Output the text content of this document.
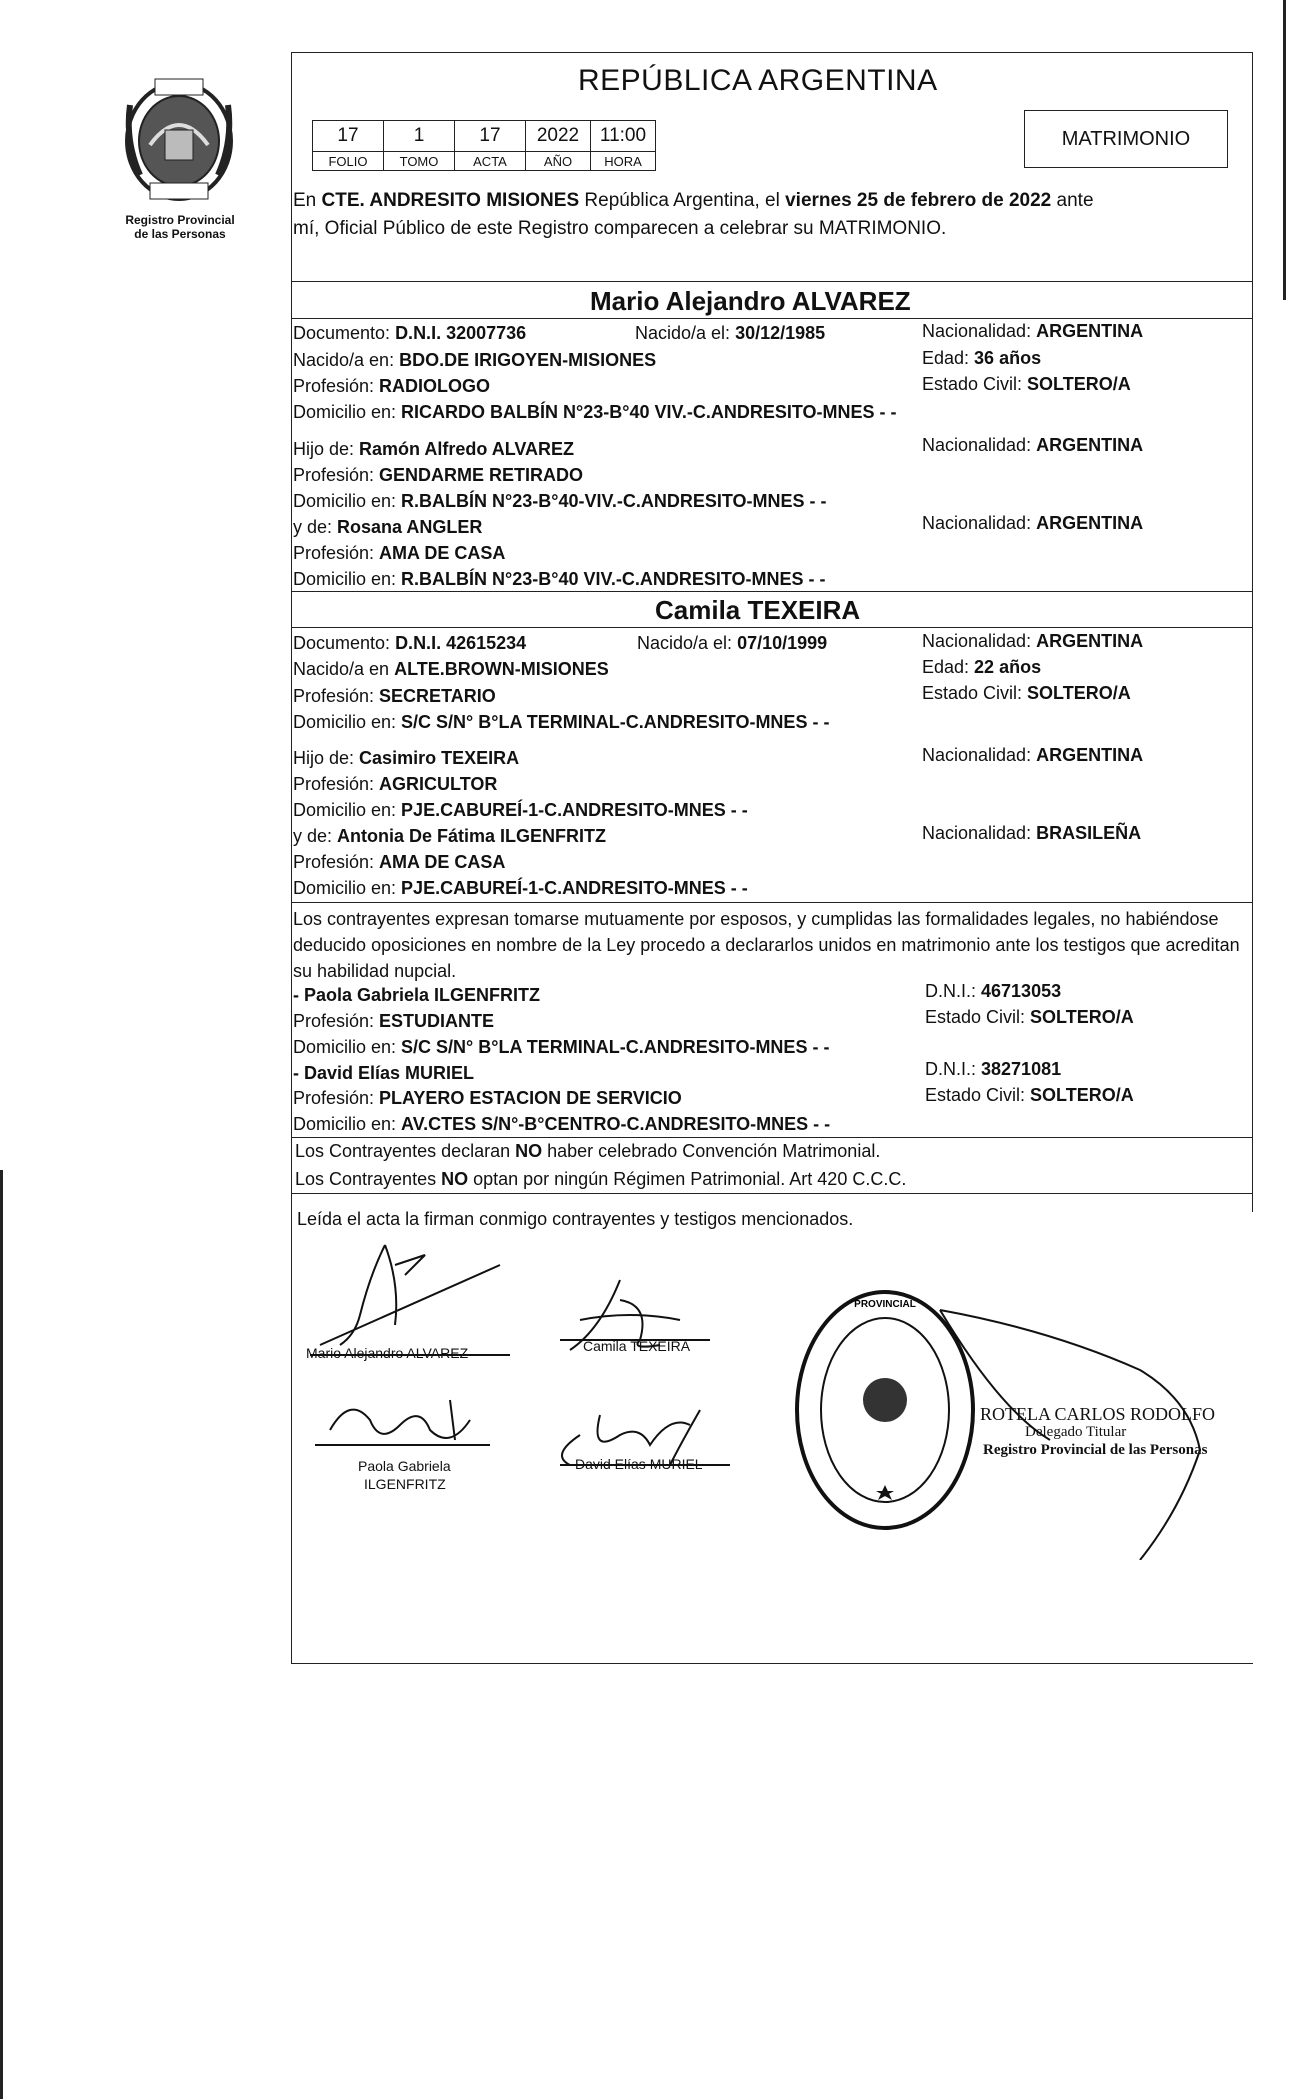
Registro Provincial
de las Personas
REPÚBLICA ARGENTINA
17	1	17	2022	11:00
FOLIO	TOMO	ACTA	AÑO	HORA
MATRIMONIO
En CTE. ANDRESITO MISIONES República Argentina, el viernes 25 de febrero de 2022 ante
mí, Oficial Público de este Registro comparecen a celebrar su MATRIMONIO.
Mario Alejandro ALVAREZ
Documento: D.N.I. 32007736	Nacido/a el: 30/12/1985	Nacionalidad: ARGENTINA
Nacido/a en: BDO.DE IRIGOYEN-MISIONES	Edad: 36 años
Profesión: RADIOLOGO	Estado Civil: SOLTERO/A
Domicilio en: RICARDO BALBÍN N°23-B°40 VIV.-C.ANDRESITO-MNES - -
Hijo de: Ramón Alfredo ALVAREZ	Nacionalidad: ARGENTINA
Profesión: GENDARME RETIRADO
Domicilio en: R.BALBÍN N°23-B°40-VIV.-C.ANDRESITO-MNES - -
y de: Rosana ANGLER	Nacionalidad: ARGENTINA
Profesión: AMA DE CASA
Domicilio en: R.BALBÍN N°23-B°40 VIV.-C.ANDRESITO-MNES - -
Camila TEXEIRA
Documento: D.N.I. 42615234	Nacido/a el: 07/10/1999	Nacionalidad: ARGENTINA
Nacido/a en ALTE.BROWN-MISIONES	Edad: 22 años
Profesión: SECRETARIO	Estado Civil: SOLTERO/A
Domicilio en: S/C S/N° B°LA TERMINAL-C.ANDRESITO-MNES - -
Hijo de: Casimiro TEXEIRA	Nacionalidad: ARGENTINA
Profesión: AGRICULTOR
Domicilio en: PJE.CABUREÍ-1-C.ANDRESITO-MNES - -
y de: Antonia De Fátima ILGENFRITZ	Nacionalidad: BRASILEÑA
Profesión: AMA DE CASA
Domicilio en: PJE.CABUREÍ-1-C.ANDRESITO-MNES - -
Los contrayentes expresan tomarse mutuamente por esposos, y cumplidas las formalidades legales, no habiéndose deducido oposiciones en nombre de la Ley procedo a declararlos unidos en matrimonio ante los testigos que acreditan su habilidad nupcial.
- Paola Gabriela ILGENFRITZ	D.N.I.: 46713053
Profesión: ESTUDIANTE	Estado Civil: SOLTERO/A
Domicilio en: S/C S/N° B°LA TERMINAL-C.ANDRESITO-MNES - -
- David Elías MURIEL	D.N.I.: 38271081
Profesión: PLAYERO ESTACION DE SERVICIO	Estado Civil: SOLTERO/A
Domicilio en: AV.CTES S/N°-B°CENTRO-C.ANDRESITO-MNES - -
Los Contrayentes declaran NO haber celebrado Convención Matrimonial.
Los Contrayentes NO optan por ningún Régimen Patrimonial. Art 420 C.C.C.
Leída el acta la firman conmigo contrayentes y testigos mencionados.
Mario Alejandro ALVAREZ	Camila TEXEIRA
Paola Gabriela
ILGENFRITZ
David Elías MURIEL
PROVINCIAL
ROTELA CARLOS RODOLFO
Delegado Titular
Registro Provincial de las Personas
